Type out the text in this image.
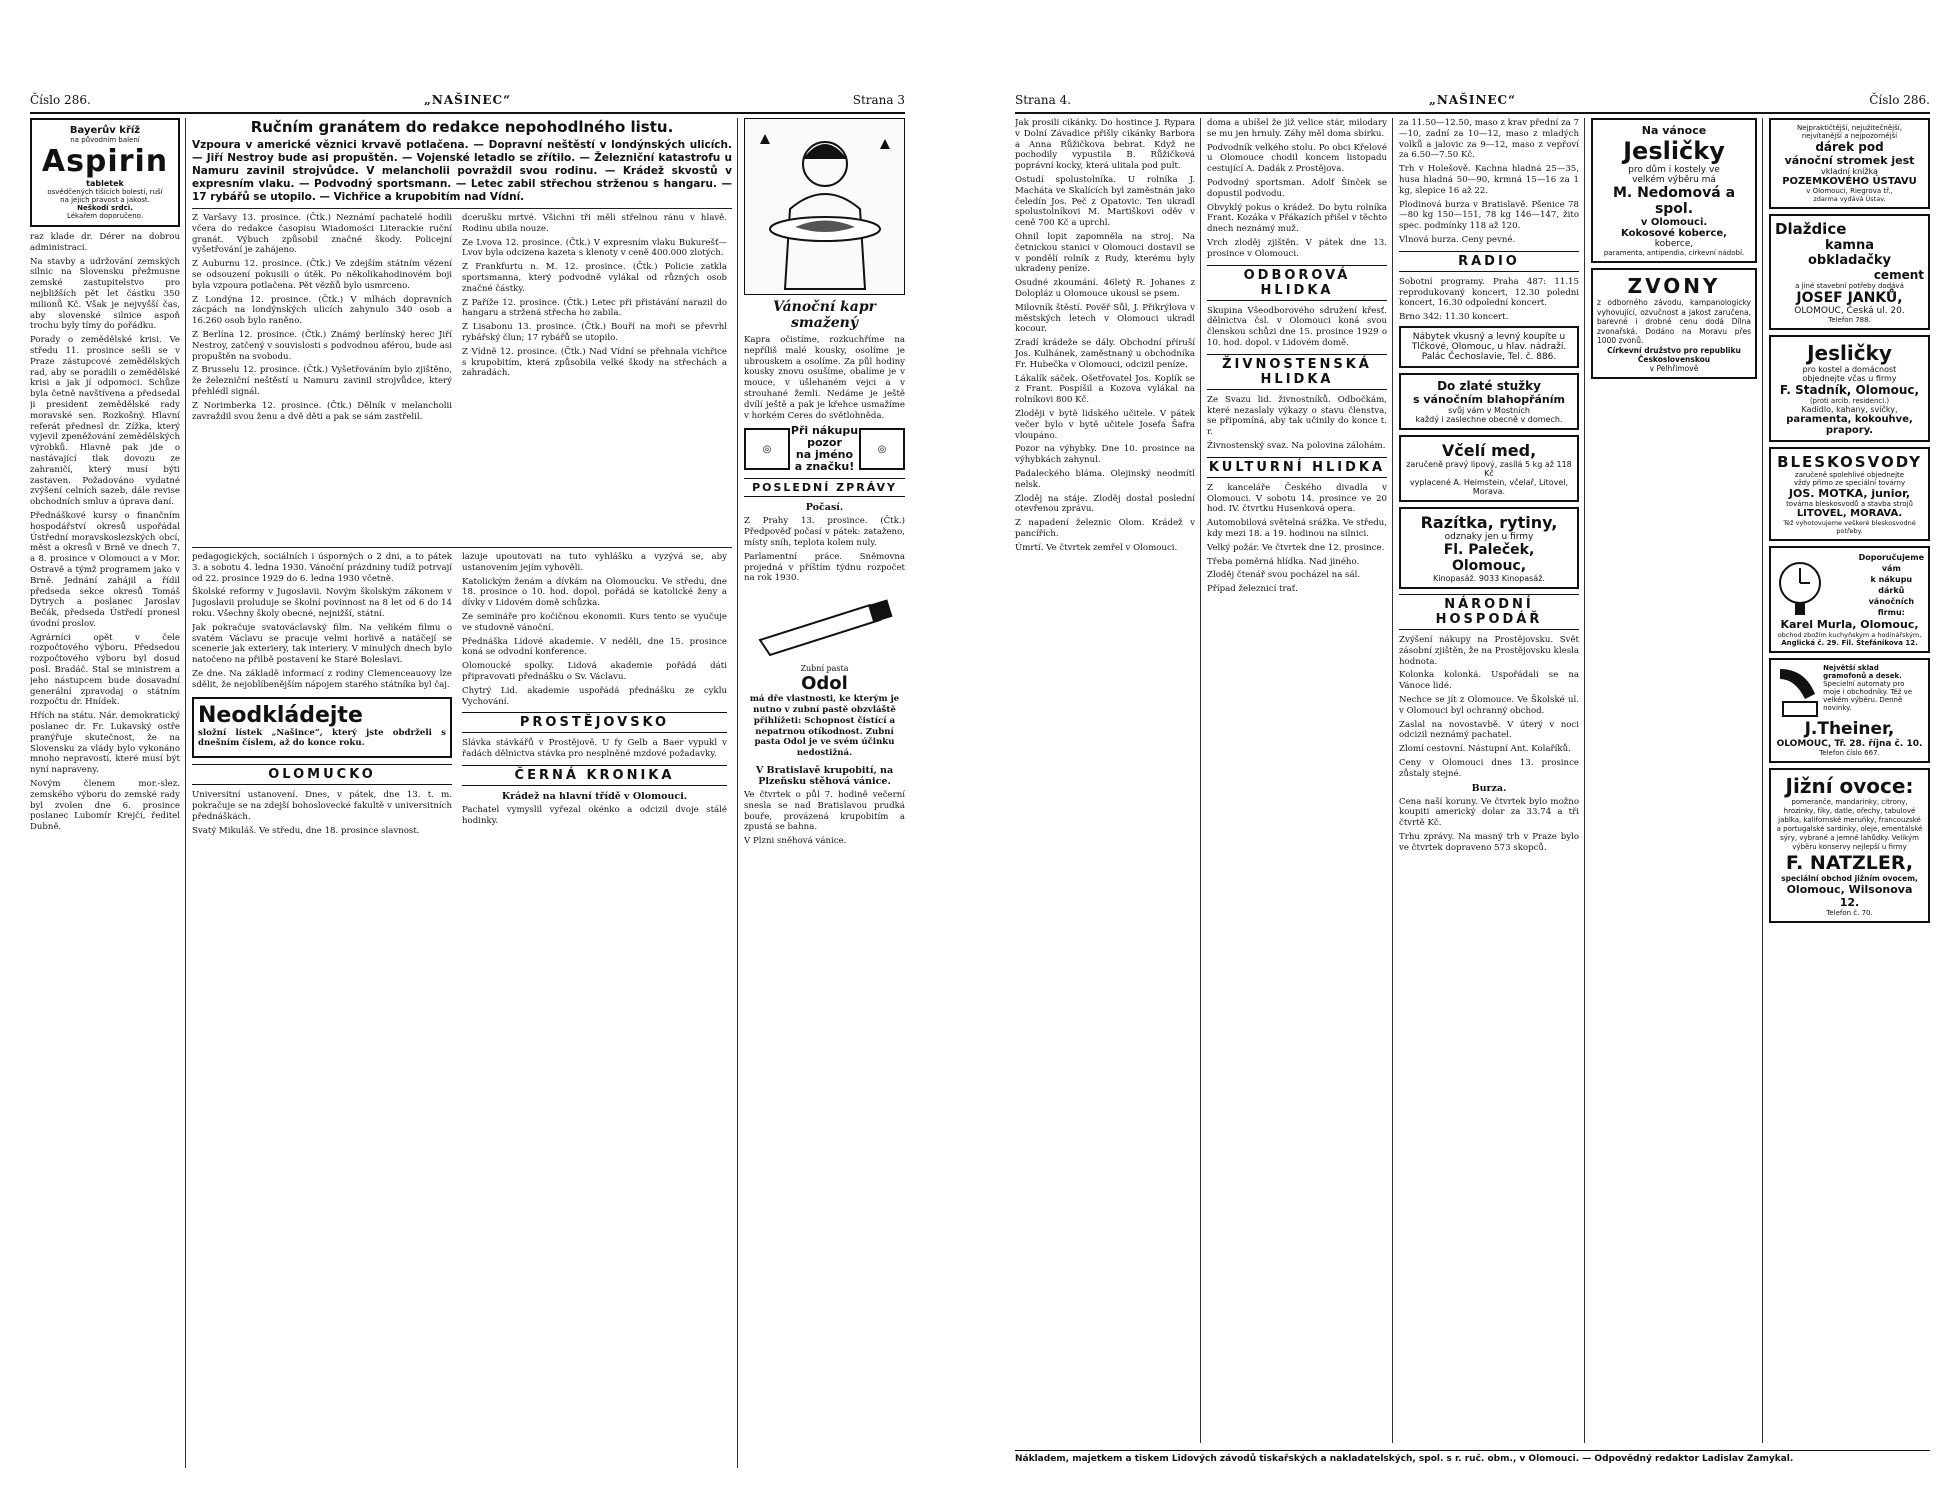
Číslo 286.	„NAŠINEC“	Strana 3
Bayerův kříž
na původním balení
Aspirin
tabletek
osvědčených tišících bolestí, ruší
na jejich pravost a jakost.
Neškodí srdci.
Lékařem doporučeno.

raz klade dr. Dérer na dobrou administraci.

Na stavby a udržování zemských silnic na Slovensku přežmusne zemské zastupitelstvo pro nejbližších pět let částku 350 milionů Kč. Však je nejvyšší čas, aby slovenské silnice aspoň trochu byly tímy do pořádku.

Porady o zemědělské krisi. Ve středu 11. prosince sešli se v Praze zástupcové zemědělských rad, aby se poradili o zemědělské krisi a jak jí odpomoci. Schůze byla četně navštívena a předsedal ji president zemědělské rady moravské sen. Rozkošný. Hlavní referát přednesl dr. Zížka, který vyjevil zpeněžování zemědělských výrobků. Hlavně pak jde o nastávající tlak dovozu ze zahraničí, který musí býti zastaven. Požadováno vydatné zvýšení celních sazeb, dále revise obchodních smluv a úprava daní.

Přednáškové kursy o finančním hospodářství okresů uspořádal Ústřední moravskoslezských obcí, měst a okresů v Brně ve dnech 7. a 8. prosince v Olomouci a v Mor. Ostravě a týmž programem jako v Brně. Jednání zahájil a řídil předseda sekce okresů Tomáš Dytrych a poslanec Jaroslav Bečák, předseda Ústředí pronesl úvodní proslov.

Agrárníci opět v čele rozpočtového výboru. Předsedou rozpočtového výboru byl dosud posl. Bradáč. Stal se ministrem a jeho nástupcem bude dosavadní generální zpravodaj o státním rozpočtu dr. Hnídek.

Hřích na státu. Nár. demokratický poslanec dr. Fr. Lukavský ostře pranýřuje skutečnost, že na Slovensku za vlády bylo vykonáno mnoho nepravostí, které musí být nyní napraveny.

Novým členem mor.-slez. zemského výboru do zemské rady byl zvolen dne 6. prosince poslanec Lubomír Krejčí, ředitel Dubně.

Ručním granátem do redakce nepohodlného listu.
Vzpoura v americké věznici krvavě potlačena. — Dopravní neštěstí v londýnských ulicích. — Jiří Nestroy bude asi propuštěn. — Vojenské letadlo se zřítilo. — Železniční katastrofu u Namuru zavinil strojvůdce. V melancholii povraždil svou rodinu. — Krádež skvostů v expresním vlaku. — Podvodný sportsmann. — Letec zabil střechou strženou s hangaru. — 17 rybářů se utopilo. — Vichřice a krupobitím nad Vídní.

Z Varšavy 13. prosince. (Čtk.) Neznámí pachatelé hodili včera do redakce časopisu Wiadomości Literackie ruční granát. Výbuch způsobil značné škody. Policejní vyšetřování je zahájeno.

Z Auburnu 12. prosince. (Čtk.) Ve zdejším státním vězení se odsouzení pokusili o útěk. Po několikahodinovém boji byla vzpoura potlačena. Pět vězňů bylo usmrceno.

Z Londýna 12. prosince. (Čtk.) V mlhách dopravních zácpách na londýnských ulicích zahynulo 340 osob a 16.260 osob bylo raněno.

Z Berlína 12. prosince. (Čtk.) Známý berlínský herec Jiří Nestroy, zatčený v souvislosti s podvodnou aférou, bude asi propuštěn na svobodu.

Z Brusselu 12. prosince. (Čtk.) Vyšetřováním bylo zjištěno, že železniční neštěstí u Namuru zavinil strojvůdce, který přehlédl signál.

Z Norimberka 12. prosince. (Čtk.) Dělník v melancholii zavraždil svou ženu a dvě děti a pak se sám zastřelil.

dcerušku mrtvé. Všichni tři měli střelnou ránu v hlavě. Rodinu ubila nouze.

Ze Lvova 12. prosince. (Čtk.) V expresním vlaku Bukurešť—Lvov byla odcizena kazeta s klenoty v ceně 400.000 zlotých.

Z Frankfurtu n. M. 12. prosince. (Čtk.) Policie zatkla sportsmanna, který podvodně vylákal od různých osob značné částky.

Z Paříže 12. prosince. (Čtk.) Letec při přistávání narazil do hangaru a stržená střecha ho zabila.

Z Lisabonu 13. prosince. (Čtk.) Bouří na moři se převrhl rybářský člun; 17 rybářů se utopilo.

Z Vídně 12. prosince. (Čtk.) Nad Vídní se přehnala vichřice s krupobitím, která způsobila velké škody na střechách a zahradách.

pedagogických, sociálních i úsporných o 2 dni, a to pátek 3. a sobotu 4. ledna 1930. Vánoční prázdniny tudíž potrvají od 22. prosince 1929 do 6. ledna 1930 včetně.

Školské reformy v Jugoslavii. Novým školským zákonem v Jugoslavii proluduje se školní povinnost na 8 let od 6 do 14 roku. Všechny školy obecné, nejnižší, státní.

Jak pokračuje svatováclavský film. Na velikém filmu o svatém Václavu se pracuje velmi horlivě a natáčejí se scenerie jak exteriery, tak interiery. V minulých dnech bylo natočeno na přilbě postavení ke Staré Boleslavi.

Ze dne. Na základě informací z rodiny Clemenceauovy lze sdělit, že nejoblíbenějším nápojem starého státníka byl čaj.

Neodkládejte

složní lístek „Našince“, který jste obdrželi s dnešním číslem, až do konce roku.

OLOMUCKO

Universitní ustanovení. Dnes, v pátek, dne 13. t. m. pokračuje se na zdejší bohoslovecké fakultě v universitních přednáškách.

Svatý Mikuláš. Ve středu, dne 18. prosince slavnost.

lazuje upoutovati na tuto vyhlášku a vyzývá se, aby ustanovením jejím vyhověli.

Katolickým ženám a dívkám na Olomoucku. Ve středu, dne 18. prosince o 10. hod. dopol. pořádá se katolické ženy a dívky v Lidovém domě schůzka.

Ze semináře pro kočičnou ekonomii. Kurs tento se vyučuje ve studovně vánoční.

Přednáška Lidové akademie. V neděli, dne 15. prosince koná se odvodní konference.

Olomoucké spolky. Lidová akademie pořádá dáti připravovati přednášku o Sv. Václavu.

Chytrý Lid. akademie uspořádá přednášku ze cyklu Vychování.

PROSTĚJOVSKO

Slávka stávkářů v Prostějově. U fy Gelb a Baer vypukl v řadách dělnictva stávka pro nesplněné mzdové požadavky.

ČERNÁ KRONIKA
Krádež na hlavní třídě v Olomouci.

Pachatel vymyslil vyřezal okénko a odcizil dvoje stálé hodinky.

Vánoční kapr smažený

Kapra očistíme, rozkuchříme na nepříliš malé kousky, osolíme je ubrouskem a osolíme. Za půl hodiny kousky znovu osušíme, obalíme je v mouce, v ušlehaném vejci a v strouhané žemli. Nedáme je ještě dvílí ještě a pak je křehce usmažíme v horkém Ceres do světlohněda.

◎
Při nákupu
pozor
na jméno
a značku!
◎
POSLEDNÍ ZPRÁVY
Počasí.

Z Prahy 13. prosince. (Čtk.) Předpověď počasí v pátek: zataženo, místy sníh, teplota kolem nuly.

Parlamentní práce. Sněmovna projedná v příštím týdnu rozpočet na rok 1930.

Zubní pasta
Odol

má dře vlastnosti, ke kterým je nutno v zubní pastě obzvláště přihlížeti: Schopnost čistící a nepatrnou otíkodnost. Zubní pasta Odol je ve svém účinku nedostižná.

V Bratislavě krupobití, na Plzeňsku stěhová vánice.

Ve čtvrtek o půl 7. hodině večerní snesla se nad Bratislavou prudká bouře, provázená krupobitím a zpustá se bahna.

V Plzni sněhová vánice.

Strana 4.	„NAŠINEC“	Číslo 286.

Jak prosili cikánky. Do hostince J. Rypara v Dolní Závadice přišly cikánky Barbora a Anna Růžičkova bebrat. Když ne pochodily vypustila B. Růžičková poprávní kocky, která ulitala pod pult.

Ostudí spolustolníka. U rolníka J. Macháta ve Skalících byl zaměstnán jako čeledín Jos. Peč z Opatovic. Ten ukradl spolustolníkovi M. Martiškovi oděv v ceně 700 Kč a uprchl.

Ohnil lopit zapomněla na stroj. Na četnickou stanici v Olomouci dostavil se v pondělí rolník z Rudy, kterému byly ukradeny peníze.

Osudné zkoumání. 46letý R. Johanes z Dolopláz u Olomouce ukousl se psem.

Milovník štěstí. Pověř Sůl, J. Přikrýlova v městských letech v Olomouci ukradl kocour.

Zradí krádeže se dály. Obchodní příruší Jos. Kulhánek, zaměstnaný u obchodníka Fr. Hubečka v Olomouci, odcizil peníze.

Lákalík sáček. Ošetřovatel Jos. Koplík se z Frant. Pospíšil a Kozova vylákal na rolníkovi 800 Kč.

Zloději v bytě lidského učitele. V pátek večer bylo v bytě učitele Josefa Šafra vloupáno.

Pozor na výhybky. Dne 10. prosince na výhybkách zahynul.

Padaleckého bláma. Olejinský neodmítl nelsk.

Zloděj na stáje. Zloděj dostal poslední otevřenou zprávu.

Z napadení železnic Olom. Krádež v pancířích.

Úmrtí. Ve čtvrtek zemřel v Olomouci.

doma a ubíšel že již velice stár, milodary se mu jen hrnuly. Záhy měl doma sbírku.

Podvodník velkého stolu. Po obci Křelové u Olomouce chodil koncem listopadu cestující A. Dadák z Prostějova.

Podvodný sportsman. Adolf Šinček se dopustil podvodu.

Obvyklý pokus o krádež. Do bytu rolníka Frant. Kozáka v Přákazích přišel v těchto dnech neznámý muž.

Vrch zloděj zjištěn. V pátek dne 13. prosince v Olomouci.

ODBOROVÁ HLIDKA

Skupina Všeodborového sdružení křesť. dělnictva čsl. v Olomouci koná svou členskou schůzi dne 15. prosince 1929 o 10. hod. dopol. v Lidovém domě.

ŽIVNOSTENSKÁ HLIDKA

Ze Svazu lid. živnostníků. Odbočkám, které nezaslaly výkazy o stavu členstva, se připomíná, aby tak učinily do konce t. r.

Živnostenský svaz. Na polovina zálohám.

KULTURNÍ HLIDKA

Z kanceláře Českého divadla v Olomouci. V sobotu 14. prosince ve 20 hod. IV. čtvrtku Husenková opera.

Automobilová světelná srážka. Ve středu, kdy mezi 18. a 19. hodinou na silnici.

Velký požár. Ve čtvrtek dne 12. prosince.

Třeba poměrná hlídka. Nad jiného.

Zloděj čtenář svou pocházel na sál.

Případ železnicí trať.

za 11.50—12.50, maso z krav přední za 7—10, zadní za 10—12, maso z mladých volků a jalovic za 9—12, maso z vepřoví za 6.50—7.50 Kč.

Trh v Holešově. Kachna hladná 25—35, husa hladná 50—90, krmná 15—16 za 1 kg, slepice 16 až 22.

Plodinová burza v Bratislavě. Pšenice 78—80 kg 150—151, 78 kg 146—147, žito spec. podmínky 118 až 120.

Vlnová burza. Ceny pevné.

RADIO

Sobotní programy. Praha 487: 11.15 reprodukovaný koncert, 12.30 poledni koncert, 16.30 odpolední koncert.

Brno 342: 11.30 koncert.

Nábytek vkusný a levný koupíte u Tlčkové, Olomouc, u hlav. nádraží. Palác Čechoslavie, Tel. č. 886.
Do zlaté stužky
s vánočním blahopřáním
svůj vám v Mostních
každý i zaslechne obecně v domech.
Včelí med,
zaručeně pravý lipový, zasílá 5 kg až 118 Kč
vyplacené A. Heimstein, včelař, Litovel, Morava.
Razítka, rytiny,
odznaky jen u firmy
Fl. Paleček, Olomouc,
Kinopasáž. 9033 Kinopasáž.
NÁRODNÍ HOSPODÁŘ

Zvýšení nákupy na Prostějovsku. Svět zásobní zjištěn, že na Prostějovsku klesla hodnota.

Kolonka kolonká. Uspořádali se na Vánoce lidé.

Nechce se jít z Olomouce. Ve Školské ul. v Olomouci byl ochranný obchod.

Zaslal na novostavbě. V úterý v noci odcizil neznámý pachatel.

Zlomí cestovní. Nástupní Ant. Kolaříků.

Ceny v Olomouci dnes 13. prosince zůstaly stejné.

Burza.

Cena naší koruny. Ve čtvrtek bylo možno koupiti americký dolar za 33.74 a tři čtvrtě Kč.

Trhu zprávy. Na masný trh v Praze bylo ve čtvrtek dopraveno 573 skopců.

Na vánoce
Jesličky
pro dům i kostely ve
velkém výběru má
M. Nedomová a spol.
v Olomouci.
Kokosové koberce,
koberce,
paramenta, antipendia, církevní nádobí.
ZVONY
z odborného závodu, kampanologicky vyhovující, ozvučnost a jakost zaručena, barevné i drobné cenu dodá Dílna zvonařská. Dodáno na Moravu přes 1000 zvonů.
Církevní družstvo pro republiku Československou
v Pelhřimově
Nejpraktičtější, nejužitečnější,
nejvítanější a nejpozornější
dárek pod
vánoční stromek jest
vkladní knížka
POZEMKOVÉHO ÚSTAVU
v Olomouci, Riegrova tř.,
zdarma vydává Ústav.
Dlaždice
kamna
obkladačky
cement
a jiné stavební potřeby dodává
JOSEF JANKŮ,
OLOMOUC, Česká ul. 20.
Telefon 788.
Jesličky
pro kostel a domácnost
objednejte včas u firmy
F. Stadník, Olomouc,
(proti arcib. residenci.)
Kadidlo, kahany, svíčky,
paramenta, kokouhve, prapory.
BLESKOSVODY
zaručeně spolehlivé objednejte
vždy přímo ze speciální továrny
JOS. MOTKA, junior,
továrna bleskosvodů a stavba strojů
LITOVEL, MORAVA.
Též vyhotovujeme veškeré bleskosvodné potřeby.
Doporučujeme
vám
k nákupu
dárků
vánočních
firmu:
Karel Murla, Olomouc,
obchod zbožím kuchyňským a hodinářským,
Anglická č. 29. Fil. Štefánikova 12.
Největší sklad
gramofonů a desek.
Specielní automaty pro
moje i obchodníky. Též ve
velkém výběru. Denně novinky.
J.Theiner,
OLOMOUC, Tř. 28. října č. 10.
Telefon číslo 667.
Jižní ovoce:
pomeranče, mandarinky, citrony, hrozinky, fíky, datle, ořechy, tabulové jablka, kalifornské meruňky, francouzské a portugalské sardinky, oleje, ementálské sýry, vybrané a jemné lahůdky. Velikým výběru konservy nejlepší u firmy
F. NATZLER,
speciální obchod jižním ovocem,
Olomouc, Wilsonova 12.
Telefon č. 70.
Nákladem, majetkem a tiskem Lidových závodů tiskařských a nakladatelských, spol. s r. ruč. obm., v Olomouci. — Odpovědný redaktor Ladislav Zamykal.
